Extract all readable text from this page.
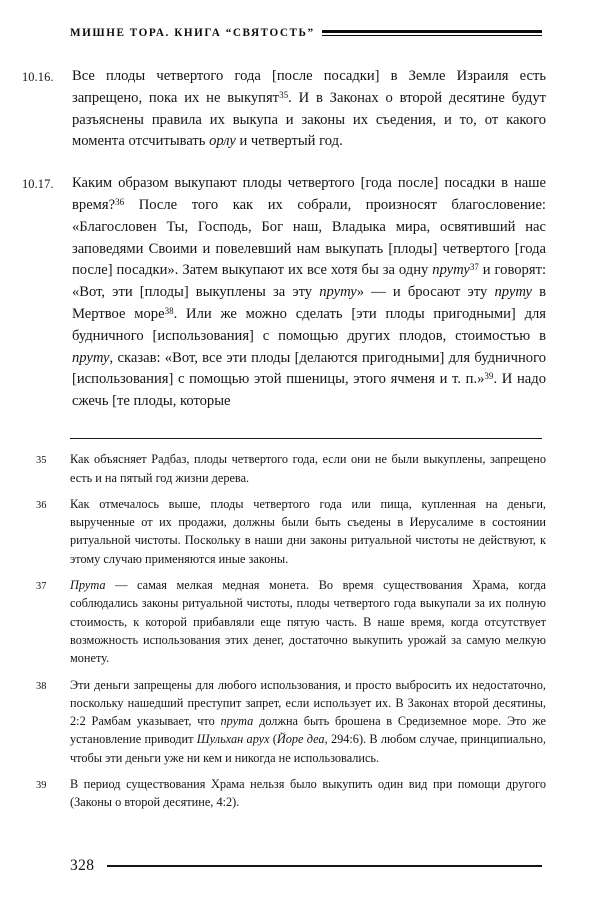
МИШНЕ ТОРА. КНИГА “СВЯТОСТЬ”
10.16.	Все плоды четвертого года [после посадки] в Земле Израиля есть запрещено, пока их не выкупят$^{35}$. И в Законах о второй десятине будут разъяснены правила их выкупа и законы их съедения, и то, от какого момента отсчитывать орлу и четвертый год.
10.17.	Каким образом выкупают плоды четвертого [года после] посадки в наше время?$^{36}$ После того как их собрали, произносят благословение: «Благословен Ты, Господь, Бог наш, Владыка мира, освятивший нас заповедями Своими и повелевший нам выкупать [плоды] четвертого [года после] посадки». Затем выкупают их все хотя бы за одну пруту$^{37}$ и говорят: «Вот, эти [плоды] выкуплены за эту пруту» — и бросают эту пруту в Мертвое море$^{38}$. Или же можно сделать [эти плоды пригодными] для будничного [использования] с помощью других плодов, стоимостью в пруту, сказав: «Вот, все эти плоды [делаются пригодными] для будничного [использования] с помощью этой пшеницы, этого ячменя и т. п.»$^{39}$. И надо сжечь [те плоды, которые
35	Как объясняет Радбаз, плоды четвертого года, если они не были выкуплены, запрещено есть и на пятый год жизни дерева.
36	Как отмечалось выше, плоды четвертого года или пища, купленная на деньги, вырученные от их продажи, должны были быть съедены в Иерусалиме в состоянии ритуальной чистоты. Поскольку в наши дни законы ритуальной чистоты не действуют, к этому случаю применяются иные законы.
37	Прута — самая мелкая медная монета. Во время существования Храма, когда соблюдались законы ритуальной чистоты, плоды четвертого года выкупали за их полную стоимость, к которой прибавляли еще пятую часть. В наше время, когда отсутствует возможность использования этих денег, достаточно выкупить урожай за самую мелкую монету.
38	Эти деньги запрещены для любого использования, и просто выбросить их недостаточно, поскольку нашедший преступит запрет, если использует их. В Законах второй десятины, 2:2 Рамбам указывает, что прута должна быть брошена в Средиземное море. Это же установление приводит Шульхан арух (Йоре деа, 294:6). В любом случае, принципиально, чтобы эти деньги уже ни кем и никогда не использовались.
39	В период существования Храма нельзя было выкупить один вид при помощи другого (Законы о второй десятине, 4:2).
328
